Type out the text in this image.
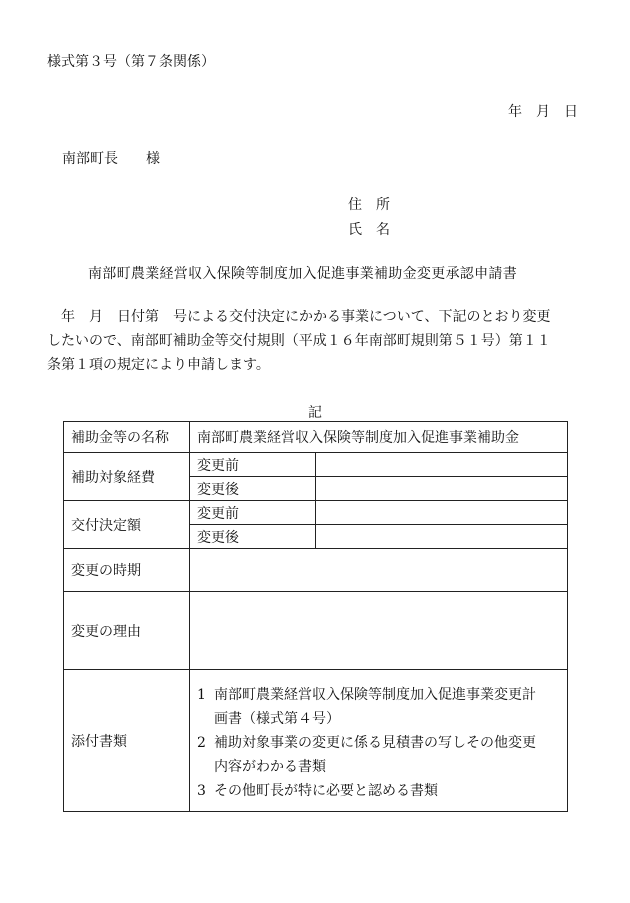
様式第３号（第７条関係）
年　月　日
南部町長　　様
住　所
氏　名
南部町農業経営収入保険等制度加入促進事業補助金変更承認申請書
　年　月　日付第　号による交付決定にかかる事業について、下記のとおり変更
したいので、南部町補助金等交付規則（平成１６年南部町規則第５１号）第１１
条第１項の規定により申請します。
記
補助金等の名称	南部町農業経営収入保険等制度加入促進事業補助金	
補助対象経費	変更前	
	変更後	
交付決定額	変更前	
	変更後	
変更の時期		
変更の理由		
添付書類	1 南部町農業経営収入保険等制度加入促進事業変更計
画書（様式第４号）
2 補助対象事業の変更に係る見積書の写しその他変更
内容がわかる書類
3 その他町長が特に必要と認める書類	
